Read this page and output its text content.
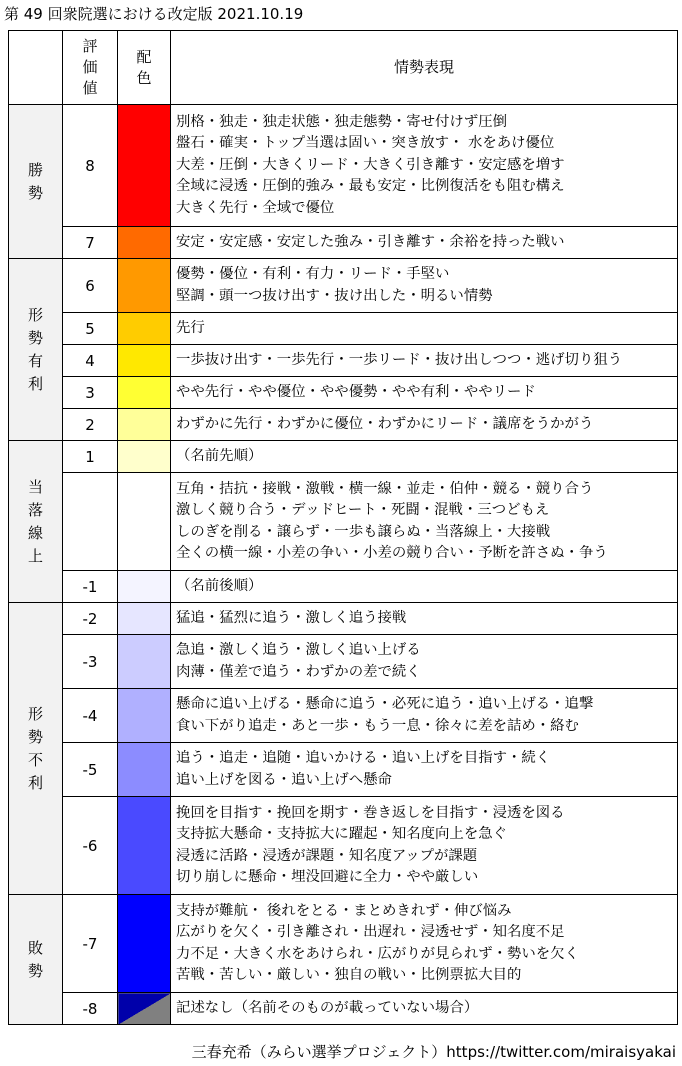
第 49 回衆院選における改定版 2021.10.19
	評価値	配色	情勢表現
勝勢	8		別格・独走・独走状態・独走態勢・寄せ付けず圧倒
盤石・確実・トップ当選は固い・突き放す・ 水をあけ優位
大差・圧倒・大きくリード・大きく引き離す・安定感を増す
全域に浸透・圧倒的強み・最も安定・比例復活をも阻む構え
大きく先行・全域で優位

	7		安定・安定感・安定した強み・引き離す・余裕を持った戦い

形勢有利	6		優勢・優位・有利・有力・リード・手堅い
堅調・頭一つ抜け出す・抜け出した・明るい情勢

	5		先行

	4		一歩抜け出す・一歩先行・一歩リード・抜け出しつつ・逃げ切り狙う

	3		やや先行・やや優位・やや優勢・やや有利・ややリード

	2		わずかに先行・わずかに優位・わずかにリード・議席をうかがう

当落線上	1		（名前先順）

			互角・拮抗・接戦・激戦・横一線・並走・伯仲・競る・競り合う
激しく競り合う・デッドヒート・死闘・混戦・三つどもえ
しのぎを削る・譲らず・一歩も譲らぬ・当落線上・大接戦
全くの横一線・小差の争い・小差の競り合い・予断を許さぬ・争う

	-1		（名前後順）

形勢不利	-2		猛追・猛烈に追う・激しく追う接戦

	-3		急追・激しく追う・激しく追い上げる
肉薄・僅差で追う・わずかの差で続く

	-4		懸命に追い上げる・懸命に追う・必死に追う・追い上げる・追撃
食い下がり追走・あと一歩・もう一息・徐々に差を詰め・絡む

	-5		追う・追走・追随・追いかける・追い上げを目指す・続く
追い上げを図る・追い上げへ懸命

	-6		挽回を目指す・挽回を期す・巻き返しを目指す・浸透を図る
支持拡大懸命・支持拡大に躍起・知名度向上を急ぐ
浸透に活路・浸透が課題・知名度アップが課題
切り崩しに懸命・埋没回避に全力・やや厳しい

敗勢	-7		支持が難航・ 後れをとる・まとめきれず・伸び悩み
広がりを欠く・引き離され・出遅れ・浸透せず・知名度不足
力不足・大きく水をあけられ・広がりが見られず・勢いを欠く
苦戦・苦しい・厳しい・独自の戦い・比例票拡大目的

	-8		記述なし（名前そのものが載っていない場合）
三春充希（みらい選挙プロジェクト）https://twitter.com/miraisyakai
